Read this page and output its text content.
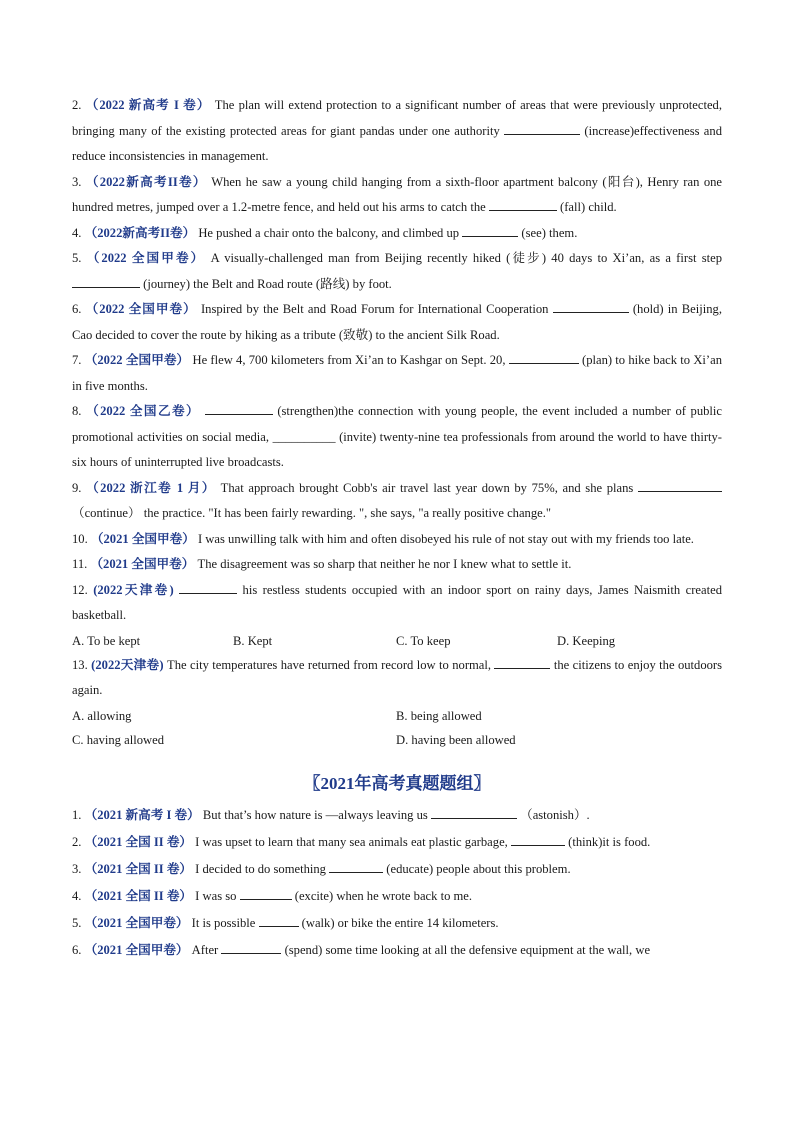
2. （2022 新高考 I 卷） The plan will extend protection to a significant number of areas that were previously unprotected, bringing many of the existing protected areas for giant pandas under one authority	(increase)effectiveness and reduce inconsistencies in management.
3. （2022新高考II卷） When he saw a young child hanging from a sixth-floor apartment balcony (阳台), Henry ran one hundred metres, jumped over a 1.2-metre fence, and held out his arms to catch the	(fall) child.
4. （2022新高考II卷） He pushed a chair onto the balcony, and climbed up	(see) them.
5. （2022 全国甲卷） A visually-challenged man from Beijing recently hiked (徒步) 40 days to Xi’an, as a first step  (journey) the Belt and Road route (路线) by foot.
6. （2022 全国甲卷） Inspired by the Belt and Road Forum for International Cooperation	(hold) in Beijing, Cao decided to cover the route by hiking as a tribute (致敬) to the ancient Silk Road.
7. （2022 全国甲卷） He flew 4, 700 kilometers from Xi’an to Kashgar on Sept. 20,	(plan) to hike back to Xi’an in five months.
8. （2022 全国乙卷）	(strengthen)the connection with young people, the event included a number of public promotional activities on social media, __________ (invite) twenty-nine tea professionals from around the world to have thirty-six hours of uninterrupted live broadcasts.
9. （2022 浙江卷 1 月） That approach brought Cobb's air travel last year down by 75%, and she plans  （continue） the practice. "It has been fairly rewarding. ", she says, "a really positive change."
10. （2021 全国甲卷） I was unwilling talk with him and often disobeyed his rule of not stay out with my friends too late.
11. （2021 全国甲卷） The disagreement was so sharp that neither he nor I knew what to settle it.
12. (2022天津卷)	his restless students occupied with an indoor sport on rainy days, James Naismith created basketball.
A. To be kept	B. Kept	C. To keep	D. Keeping
13. (2022天津卷) The city temperatures have returned from record low to normal,	the citizens to enjoy the outdoors again.
A. allowing	B. being allowed
C. having allowed	D. having been allowed
〖2021年高考真题题组〗
1. （2021 新高考 I 卷） But that’s how nature is —always leaving us	（astonish）.
2. （2021 全国 II 卷） I was upset to learn that many sea animals eat plastic garbage,	(think)it is food.
3. （2021 全国 II 卷） I decided to do something	(educate) people about this problem.
4. （2021 全国 II 卷） I was so	(excite) when he wrote back to me.
5. （2021 全国甲卷） It is possible	(walk) or bike the entire 14 kilometers.
6. （2021 全国甲卷） After	(spend) some time looking at all the defensive equipment at the wall, we
